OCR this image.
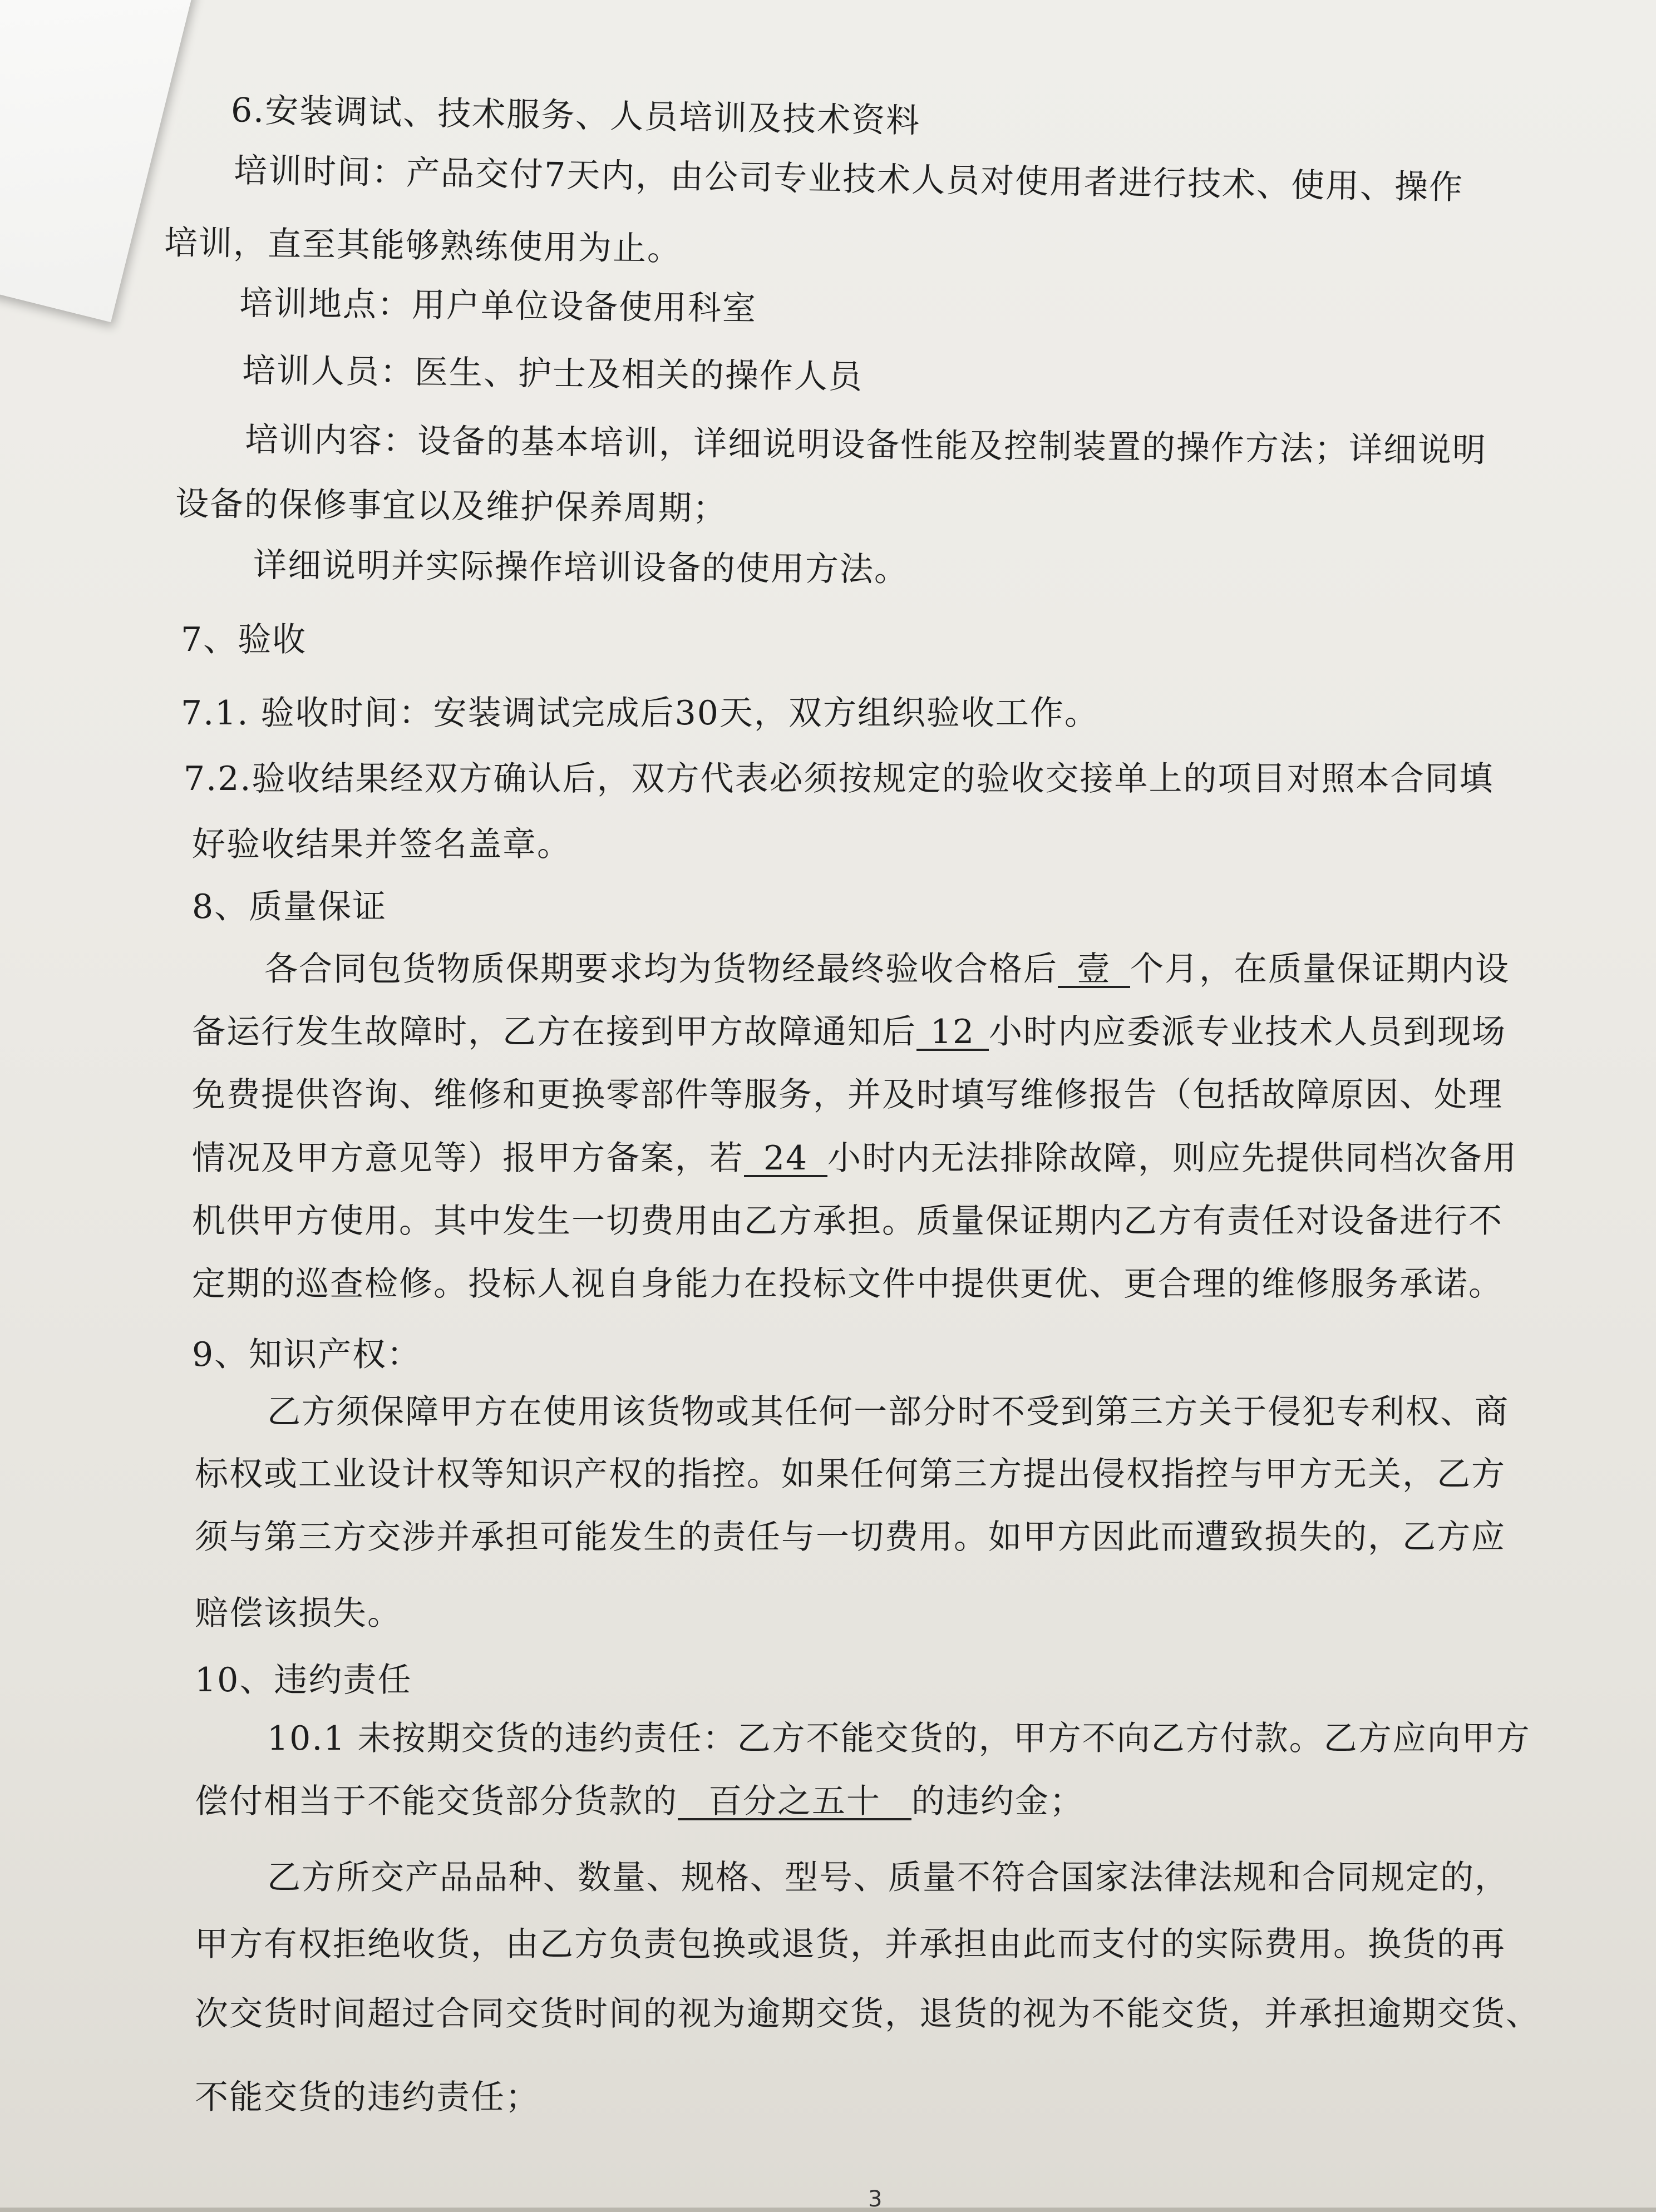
6.安装调试、技术服务、人员培训及技术资料
培训时间：产品交付7天内，由公司专业技术人员对使用者进行技术、使用、操作
培训，直至其能够熟练使用为止。
培训地点：用户单位设备使用科室
培训人员：医生、护士及相关的操作人员
培训内容：设备的基本培训，详细说明设备性能及控制装置的操作方法；详细说明
设备的保修事宜以及维护保养周期；
详细说明并实际操作培训设备的使用方法。
7、验收
7.1. 验收时间：安装调试完成后30天，双方组织验收工作。
7.2.验收结果经双方确认后，双方代表必须按规定的验收交接单上的项目对照本合同填
好验收结果并签名盖章。
8、质量保证
各合同包货物质保期要求均为货物经最终验收合格后 壹 个月，在质量保证期内设
备运行发生故障时，乙方在接到甲方故障通知后 12 小时内应委派专业技术人员到现场
免费提供咨询、维修和更换零部件等服务，并及时填写维修报告（包括故障原因、处理
情况及甲方意见等）报甲方备案，若 24 小时内无法排除故障，则应先提供同档次备用
机供甲方使用。其中发生一切费用由乙方承担。质量保证期内乙方有责任对设备进行不
定期的巡查检修。投标人视自身能力在投标文件中提供更优、更合理的维修服务承诺。
9、知识产权：
乙方须保障甲方在使用该货物或其任何一部分时不受到第三方关于侵犯专利权、商
标权或工业设计权等知识产权的指控。如果任何第三方提出侵权指控与甲方无关，乙方
须与第三方交涉并承担可能发生的责任与一切费用。如甲方因此而遭致损失的，乙方应
赔偿该损失。
10、违约责任
10.1 未按期交货的违约责任：乙方不能交货的，甲方不向乙方付款。乙方应向甲方
偿付相当于不能交货部分货款的 百分之五十 的违约金；
乙方所交产品品种、数量、规格、型号、质量不符合国家法律法规和合同规定的，
甲方有权拒绝收货，由乙方负责包换或退货，并承担由此而支付的实际费用。换货的再
次交货时间超过合同交货时间的视为逾期交货，退货的视为不能交货，并承担逾期交货、
不能交货的违约责任；
3
